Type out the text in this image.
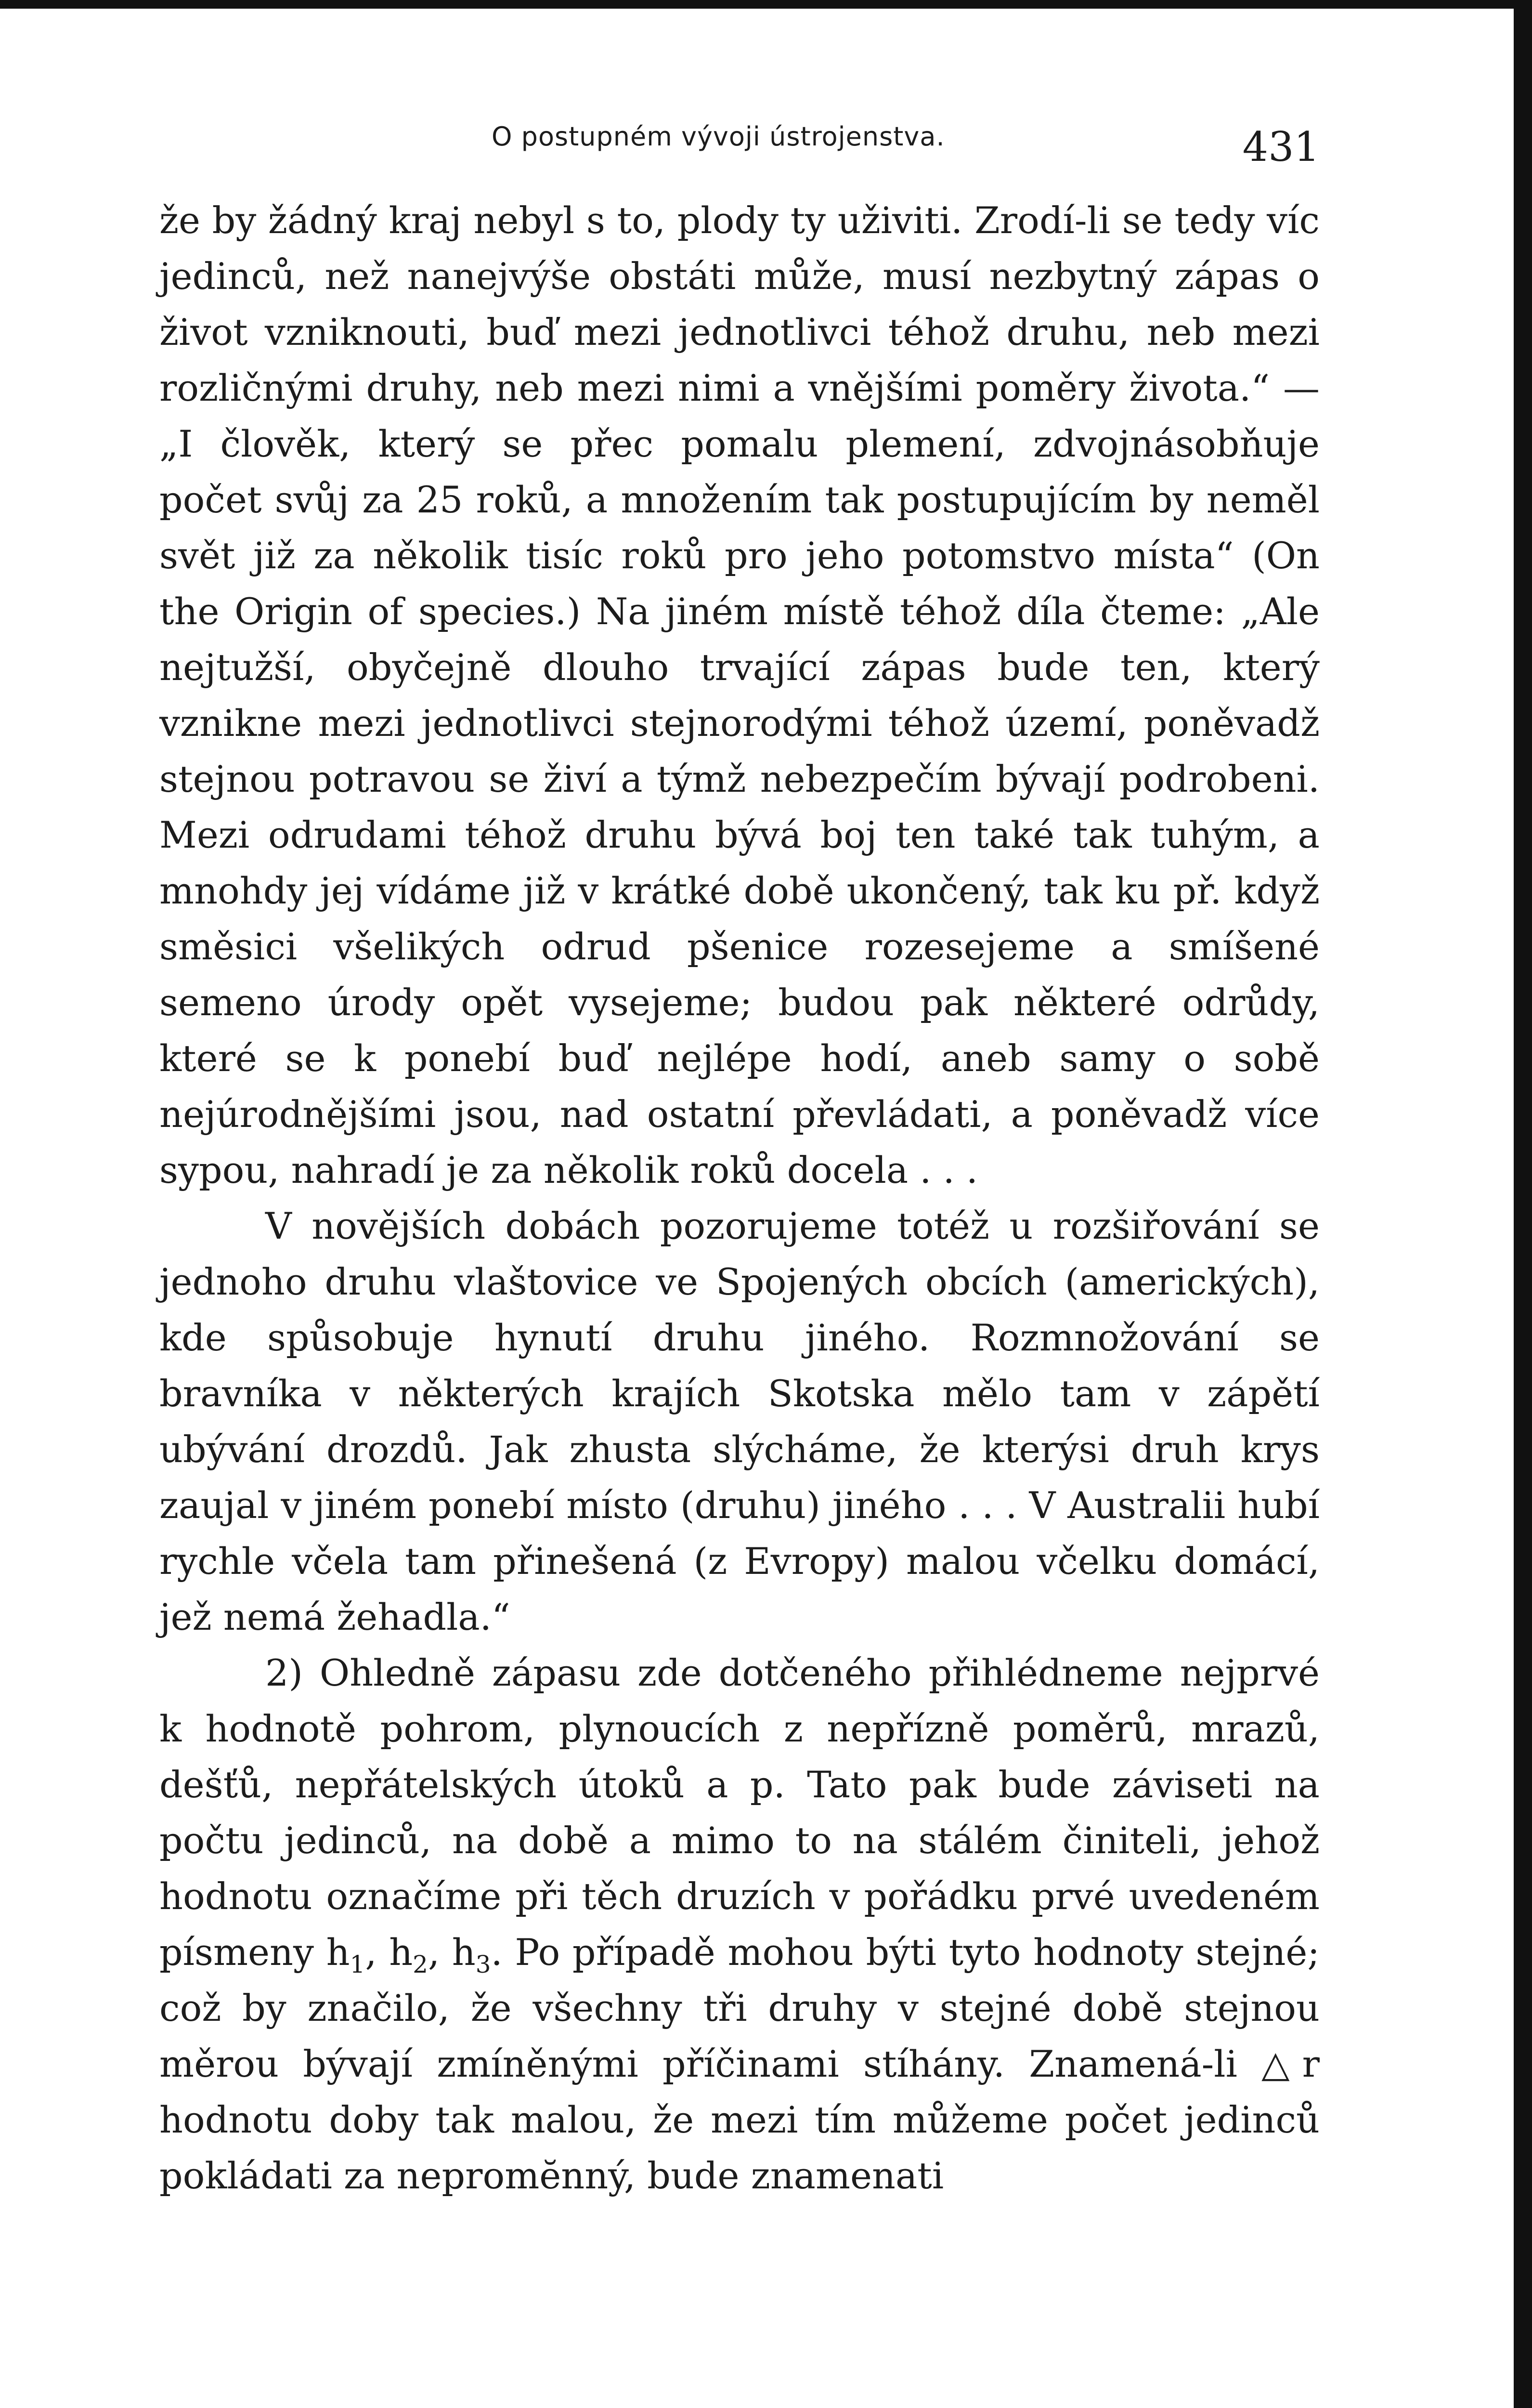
O postupném vývoji ústrojenstva.	431

že by žádný kraj nebyl s to, plody ty uživiti. Zrodí-li se tedy víc jedinců, než nanejvýše obstáti může, musí nezbytný zápas o život vzniknouti, buď mezi jednotlivci téhož druhu, neb mezi rozličnými druhy, neb mezi nimi a vnějšími poměry života.“ — „I člověk, který se přec pomalu plemení, zdvojnásobňuje počet svůj za 25 roků, a množením tak postupujícím by neměl svět již za několik tisíc roků pro jeho potomstvo místa“ (On the Origin of species.) Na jiném místě téhož díla čteme: „Ale nejtužší, obyčejně dlouho trvající zápas bude ten, který vznikne mezi jednotlivci stejnorodými téhož území, poněvadž stejnou potravou se živí a týmž nebezpečím bývají podrobeni. Mezi odrudami téhož druhu bývá boj ten také tak tuhým, a mnohdy jej vídáme již v krátké době ukončený, tak ku př. když směsici všelikých odrud pšenice rozesejeme a smíšené semeno úrody opět vysejeme; budou pak některé odrůdy, které se k ponebí buď nejlépe hodí, aneb samy o sobě nejúrodnějšími jsou, nad ostatní převládati, a poněvadž více sypou, nahradí je za několik roků docela . . .

V novějších dobách pozorujeme totéž u rozšiřování se jednoho druhu vlaštovice ve Spojených obcích (amerických), kde spůsobuje hynutí druhu jiného. Rozmnožování se bravníka v některých krajích Skotska mělo tam v zápětí ubývání drozdů. Jak zhusta slýcháme, že kterýsi druh krys zaujal v jiném ponebí místo (druhu) jiného . . . V Australii hubí rychle včela tam přinešená (z Evropy) malou včelku domácí, jež nemá žehadla.“

2) Ohledně zápasu zde dotčeného přihlédneme nejprvé k hodnotě pohrom, plynoucích z nepřízně poměrů, mrazů, dešťů, nepřátelských útoků a p. Tato pak bude záviseti na počtu jedinců, na době a mimo to na stálém činiteli, jehož hodnotu označíme při těch druzích v pořádku prvé uvedeném písmeny $h_1$, $h_2$, $h_3$. Po případě mohou býti tyto hodnoty stejné; což by značilo, že všechny tři druhy v stejné době stejnou měrou bývají zmíněnými příčinami stíhány. Znamená-li △r hodnotu doby tak malou, že mezi tím můžeme počet jedinců pokládati za nepromĕnný, bude znamenati
